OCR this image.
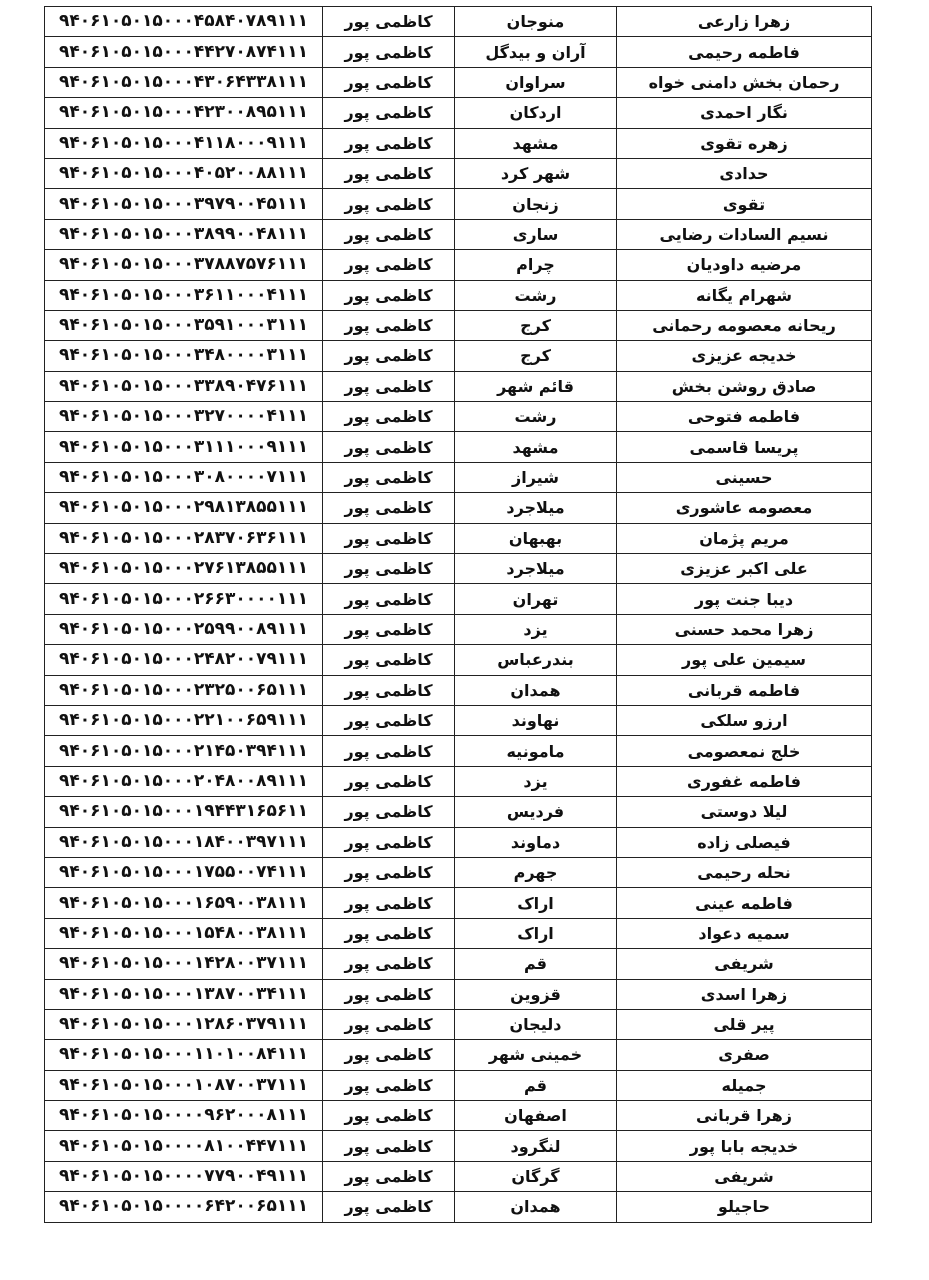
۹۴۰۶۱۰۵۰۱۵۰۰۰۴۵۸۴۰۷۸۹۱۱۱	کاظمی پور	منوجان	زهرا زارعی
۹۴۰۶۱۰۵۰۱۵۰۰۰۴۴۲۷۰۸۷۴۱۱۱	کاظمی پور	آران و بیدگل	فاطمه رحیمی
۹۴۰۶۱۰۵۰۱۵۰۰۰۴۳۰۶۴۳۳۸۱۱۱	کاظمی پور	سراوان	رحمان بخش دامنی خواه
۹۴۰۶۱۰۵۰۱۵۰۰۰۴۲۳۰۰۸۹۵۱۱۱	کاظمی پور	اردکان	نگار احمدی
۹۴۰۶۱۰۵۰۱۵۰۰۰۴۱۱۸۰۰۰۹۱۱۱	کاظمی پور	مشهد	زهره تقوی
۹۴۰۶۱۰۵۰۱۵۰۰۰۴۰۵۲۰۰۸۸۱۱۱	کاظمی پور	شهر کرد	حدادی
۹۴۰۶۱۰۵۰۱۵۰۰۰۳۹۷۹۰۰۴۵۱۱۱	کاظمی پور	زنجان	تقوی
۹۴۰۶۱۰۵۰۱۵۰۰۰۳۸۹۹۰۰۴۸۱۱۱	کاظمی پور	ساری	نسیم السادات رضایی
۹۴۰۶۱۰۵۰۱۵۰۰۰۳۷۸۸۷۵۷۶۱۱۱	کاظمی پور	چرام	مرضیه داودیان
۹۴۰۶۱۰۵۰۱۵۰۰۰۳۶۱۱۰۰۰۴۱۱۱	کاظمی پور	رشت	شهرام یگانه
۹۴۰۶۱۰۵۰۱۵۰۰۰۳۵۹۱۰۰۰۳۱۱۱	کاظمی پور	کرج	ریحانه معصومه رحمانی
۹۴۰۶۱۰۵۰۱۵۰۰۰۳۴۸۰۰۰۰۳۱۱۱	کاظمی پور	کرج	خدیجه عزیزی
۹۴۰۶۱۰۵۰۱۵۰۰۰۳۳۸۹۰۴۷۶۱۱۱	کاظمی پور	قائم شهر	صادق روشن بخش
۹۴۰۶۱۰۵۰۱۵۰۰۰۳۲۷۰۰۰۰۴۱۱۱	کاظمی پور	رشت	فاطمه فتوحی
۹۴۰۶۱۰۵۰۱۵۰۰۰۳۱۱۱۰۰۰۹۱۱۱	کاظمی پور	مشهد	پریسا قاسمی
۹۴۰۶۱۰۵۰۱۵۰۰۰۳۰۸۰۰۰۰۷۱۱۱	کاظمی پور	شیراز	حسینی
۹۴۰۶۱۰۵۰۱۵۰۰۰۲۹۸۱۳۸۵۵۱۱۱	کاظمی پور	میلاجرد	معصومه عاشوری
۹۴۰۶۱۰۵۰۱۵۰۰۰۲۸۳۷۰۶۳۶۱۱۱	کاظمی پور	بهبهان	مریم پژمان
۹۴۰۶۱۰۵۰۱۵۰۰۰۲۷۶۱۳۸۵۵۱۱۱	کاظمی پور	میلاجرد	علی اکبر عزیزی
۹۴۰۶۱۰۵۰۱۵۰۰۰۲۶۶۳۰۰۰۰۱۱۱	کاظمی پور	تهران	دیبا جنت پور
۹۴۰۶۱۰۵۰۱۵۰۰۰۲۵۹۹۰۰۸۹۱۱۱	کاظمی پور	یزد	زهرا محمد حسنی
۹۴۰۶۱۰۵۰۱۵۰۰۰۲۴۸۲۰۰۷۹۱۱۱	کاظمی پور	بندرعباس	سیمین علی پور
۹۴۰۶۱۰۵۰۱۵۰۰۰۲۳۲۵۰۰۶۵۱۱۱	کاظمی پور	همدان	فاطمه قربانی
۹۴۰۶۱۰۵۰۱۵۰۰۰۲۲۱۰۰۶۵۹۱۱۱	کاظمی پور	نهاوند	ارزو سلکی
۹۴۰۶۱۰۵۰۱۵۰۰۰۲۱۴۵۰۳۹۴۱۱۱	کاظمی پور	مامونیه	خلج نمعصومی
۹۴۰۶۱۰۵۰۱۵۰۰۰۲۰۴۸۰۰۸۹۱۱۱	کاظمی پور	یزد	فاطمه غفوری
۹۴۰۶۱۰۵۰۱۵۰۰۰۱۹۴۴۳۱۶۵۶۱۱	کاظمی پور	فردیس	لیلا دوستی
۹۴۰۶۱۰۵۰۱۵۰۰۰۱۸۴۰۰۳۹۷۱۱۱	کاظمی پور	دماوند	فیصلی زاده
۹۴۰۶۱۰۵۰۱۵۰۰۰۱۷۵۵۰۰۷۴۱۱۱	کاظمی پور	جهرم	نحله رحیمی
۹۴۰۶۱۰۵۰۱۵۰۰۰۱۶۵۹۰۰۳۸۱۱۱	کاظمی پور	اراک	فاطمه عینی
۹۴۰۶۱۰۵۰۱۵۰۰۰۱۵۴۸۰۰۳۸۱۱۱	کاظمی پور	اراک	سمیه دعواد
۹۴۰۶۱۰۵۰۱۵۰۰۰۱۴۲۸۰۰۳۷۱۱۱	کاظمی پور	قم	شریفی
۹۴۰۶۱۰۵۰۱۵۰۰۰۱۳۸۷۰۰۳۴۱۱۱	کاظمی پور	قزوین	زهرا اسدی
۹۴۰۶۱۰۵۰۱۵۰۰۰۱۲۸۶۰۳۷۹۱۱۱	کاظمی پور	دلیجان	پیر قلی
۹۴۰۶۱۰۵۰۱۵۰۰۰۱۱۰۱۰۰۸۴۱۱۱	کاظمی پور	خمینی شهر	صفری
۹۴۰۶۱۰۵۰۱۵۰۰۰۱۰۸۷۰۰۳۷۱۱۱	کاظمی پور	قم	جمیله
۹۴۰۶۱۰۵۰۱۵۰۰۰۰۹۶۲۰۰۰۸۱۱۱	کاظمی پور	اصفهان	زهرا قربانی
۹۴۰۶۱۰۵۰۱۵۰۰۰۰۸۱۰۰۴۴۷۱۱۱	کاظمی پور	لنگرود	خدیجه بابا پور
۹۴۰۶۱۰۵۰۱۵۰۰۰۰۷۷۹۰۰۴۹۱۱۱	کاظمی پور	گرگان	شریفی
۹۴۰۶۱۰۵۰۱۵۰۰۰۰۶۴۲۰۰۶۵۱۱۱	کاظمی پور	همدان	حاجیلو
